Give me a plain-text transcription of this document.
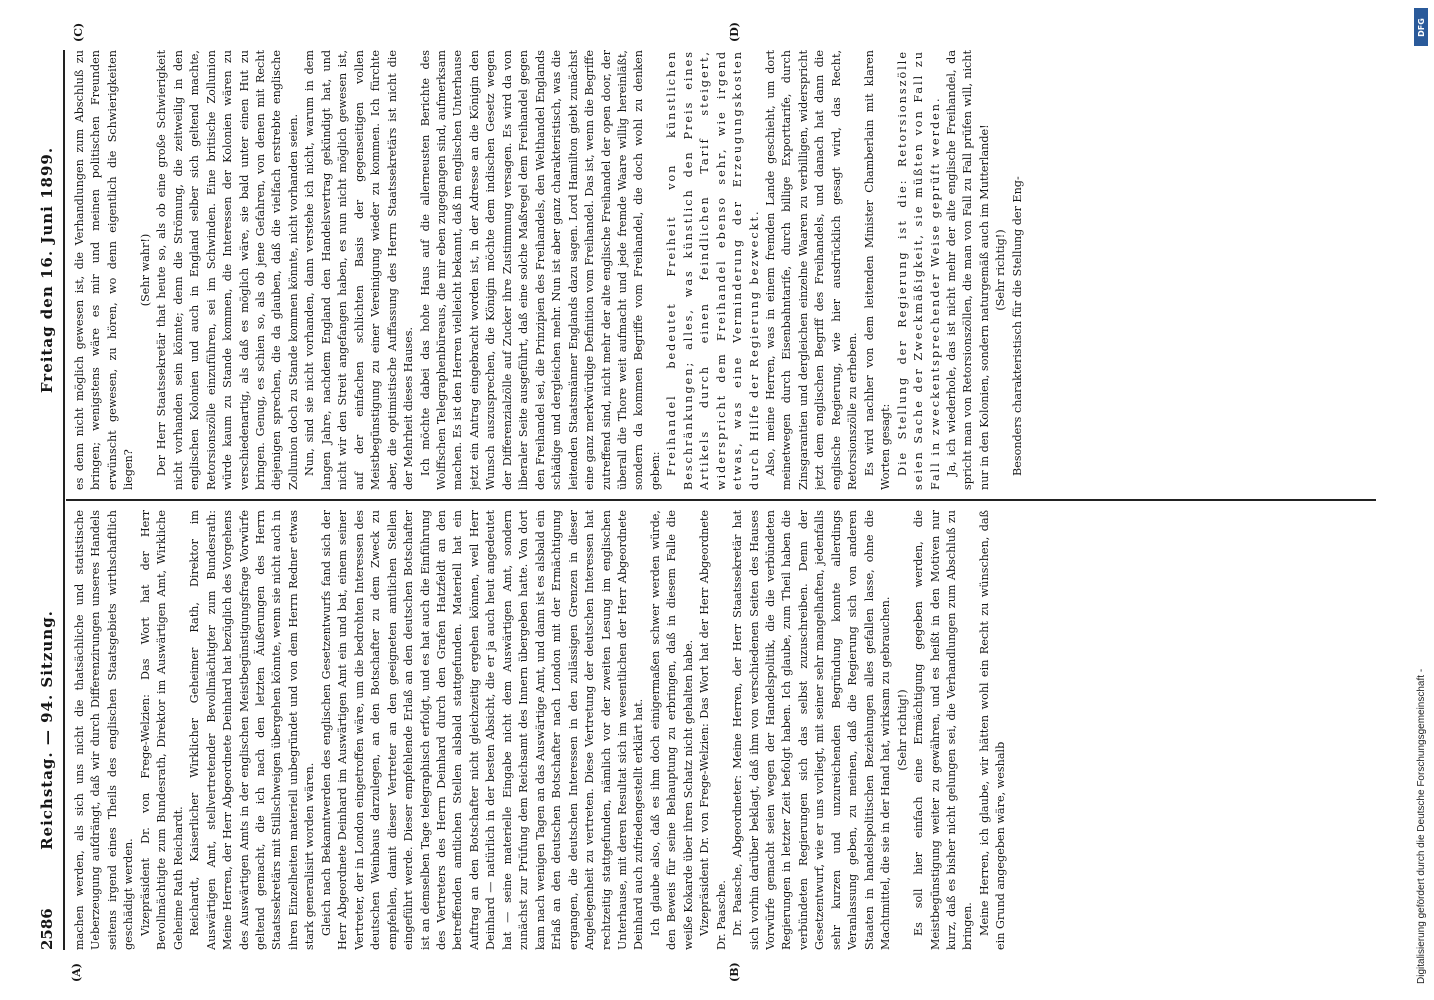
2586
Reichstag. — 94. Sitzung.
Freitag den 16. Juni 1899.
(A)	(B)
(C)	(D)

machen werden, als sich uns nicht die thatsächliche und statistische Ueberzeugung aufdrängt, daß wir durch Differenzirungen unseres Handels seitens irgend eines Theils des englischen Staatsgebiets wirthschaftlich geschädigt werden. Vizepräsident Dr. von Frege-Welzien: Das Wort hat der Herr Bevollmächtigte zum Bundesrath, Direktor im Auswärtigen Amt, Wirkliche Geheime Rath Reichardt. Reichardt, Kaiserlicher Wirklicher Geheimer Rath, Direktor im Auswärtigen Amt, stellvertretender Bevollmächtigter zum Bundesrath: Meine Herren, der Herr Abgeordnete Deinhard hat bezüglich des Vorgehens des Auswärtigen Amts in der englischen Meistbegünstigungsfrage Vorwürfe geltend gemacht, die ich nach den letzten Äußerungen des Herrn Staatssekretärs mit Stillschweigen übergehen könnte, wenn sie nicht auch in ihren Einzelheiten materiell unbegründet und von dem Herrn Redner etwas stark generalisirt worden wären. Gleich nach Bekanntwerden des englischen Gesetzentwurfs fand sich der Herr Abgeordnete Deinhard im Auswärtigen Amt ein und bat, einem seiner Vertreter, der in London eingetroffen wäre, um die bedrohten Interessen des deutschen Weinbaus darzulegen, an den Botschafter zu dem Zweck zu empfehlen, damit dieser Vertreter an den geeigneten amtlichen Stellen eingeführt werde. Dieser empfehlende Erlaß an den deutschen Botschafter ist an demselben Tage telegraphisch erfolgt, und es hat auch die Einführung des Vertreters des Herrn Deinhard durch den Grafen Hatzfeldt an den betreffenden amtlichen Stellen alsbald stattgefunden. Materiell hat ein Auftrag an den Botschafter nicht gleichzeitig ergehen können, weil Herr Deinhard — natürlich in der besten Absicht, die er ja auch heut angedeutet hat — seine materielle Eingabe nicht dem Auswärtigen Amt, sondern zunächst zur Prüfung dem Reichsamt des Innern übergeben hatte. Von dort kam nach wenigen Tagen an das Auswärtige Amt, und dann ist es alsbald ein Erlaß an den deutschen Botschafter nach London mit der Ermächtigung ergangen, die deutschen Interessen in den zulässigen Grenzen in dieser Angelegenheit zu vertreten. Diese Vertretung der deutschen Interessen hat rechtzeitig stattgefunden, nämlich vor der zweiten Lesung im englischen Unterhause, mit deren Resultat sich im wesentlichen der Herr Abgeordnete Deinhard auch zufriedengestellt erklärt hat. Ich glaube also, daß es ihm doch einigermaßen schwer werden würde, den Beweis für seine Behauptung zu erbringen, daß in diesem Falle die weiße Kokarde über ihren Schatz nicht gehalten habe. Vizepräsident Dr. von Frege-Welzien: Das Wort hat der Herr Abgeordnete Dr. Paasche. Dr. Paasche, Abgeordneter: Meine Herren, der Herr Staatssekretär hat sich vorhin darüber beklagt, daß ihm von verschiedenen Seiten des Hauses Vorwürfe gemacht seien wegen der Handelspolitik, die die verbündeten Regierungen in letzter Zeit befolgt haben. Ich glaube, zum Theil haben die verbündeten Regierungen sich das selbst zuzuschreiben. Denn der Gesetzentwurf, wie er uns vorliegt, mit seiner sehr mangelhaften, jedenfalls sehr kurzen und unzureichenden Begründung konnte allerdings Veranlassung geben, zu meinen, daß die Regierung sich von anderen Staaten in handelspolitischen Beziehungen alles gefallen lasse, ohne die Machtmittel, die sie in der Hand hat, wirksam zu gebrauchen. (Sehr richtig!) Es soll hier einfach eine Ermächtigung gegeben werden, die Meistbegünstigung weiter zu gewähren, und es heißt in den Motiven nur kurz, daß es bisher nicht gelungen sei, die Verhandlungen zum Abschluß zu bringen. Meine Herren, ich glaube, wir hätten wohl ein Recht zu wünschen, daß ein Grund angegeben wäre, weshalb

es denn nicht möglich gewesen ist, die Verhandlungen zum Abschluß zu bringen; wenigstens wäre es mir und meinen politischen Freunden erwünscht gewesen, zu hören, wo denn eigentlich die Schwierigkeiten liegen?

(Sehr wahr!) Der Herr Staatssekretär that heute so, als ob eine große Schwierigkeit nicht vorhanden sein könnte; denn die Strömung, die zeitweilig in den englischen Kolonien und auch in England selber sich geltend machte, Retorsionszölle einzuführen, sei im Schwinden. Eine britische Zollunion würde kaum zu Stande kommen, die Interessen der Kolonien wären zu verschiedenartig, als daß es möglich wäre, sie bald unter einen Hut zu bringen. Genug, es schien so, als ob jene Gefahren, von denen mit Recht diejenigen sprechen, die da glauben, daß die vielfach erstrebte englische Zollunion doch zu Stande kommen könnte, nicht vorhanden seien. Nun, sind sie nicht vorhanden, dann verstehe ich nicht, warum in dem langen Jahre, nachdem England den Handelsvertrag gekündigt hat, und nicht wir den Streit angefangen haben, es nun nicht möglich gewesen ist, auf der einfachen schlichten Basis der gegenseitigen vollen Meistbegünstigung zu einer Vereinigung wieder zu kommen. Ich fürchte aber, die optimistische Auffassung des Herrn Staatssekretärs ist nicht die der Mehrheit dieses Hauses. Ich möchte dabei das hohe Haus auf die allerneusten Berichte des Wolffschen Telegraphenbüreaus, die mir eben zugegangen sind, aufmerksam machen. Es ist den Herren vielleicht bekannt, daß im englischen Unterhause jetzt ein Antrag eingebracht worden ist, in der Adresse an die Königin den Wunsch auszusprechen, die Königin möchte dem indischen Gesetz wegen der Differenzialzölle auf Zucker ihre Zustimmung versagen. Es wird da von liberaler Seite ausgeführt, daß eine solche Maßregel dem Freihandel gegen den Freihandel sei, die Prinzipien des Freihandels, den Welthandel Englands schädige und dergleichen mehr. Nun ist aber ganz charakteristisch, was die leitenden Staatsmänner Englands dazu sagen. Lord Hamilton giebt zunächst eine ganz merkwürdige Definition vom Freihandel. Das ist, wenn die Begriffe zutreffend sind, nicht mehr der alte englische Freihandel der open door, der überall die Thore weit aufmacht und jede fremde Waare willig hereinläßt, sondern da kommen Begriffe vom Freihandel, die doch wohl zu denken geben: Freihandel bedeutet Freiheit von künstlichen Beschränkungen; alles, was künstlich den Preis eines Artikels durch einen feindlichen Tarif steigert, widerspricht dem Freihandel ebenso sehr, wie irgend etwas, was eine Verminderung der Erzeugungskosten durch Hilfe der Regierung bezweckt. Also, meine Herren, was in einem fremden Lande geschieht, um dort meinetwegen durch Eisenbahntarife, durch billige Exporttarife, durch Zinsgarantien und dergleichen einzelne Waaren zu verbilligen, widerspricht jetzt dem englischen Begriff des Freihandels, und danach hat dann die englische Regierung, wie hier ausdrücklich gesagt wird, das Recht, Retorsionszölle zu erheben. Es wird nachher von dem leitenden Minister Chamberlain mit klaren Worten gesagt: Die Stellung der Regierung ist die: Retorsionszölle seien Sache der Zweckmäßigkeit, sie müßten von Fall zu Fall in zweckentsprechender Weise geprüft werden. Ja, ich wiederhole, das ist nicht mehr der alte englische Freihandel, da spricht man von Retorsionszöllen, die man von Fall zu Fall prüfen will, nicht nur in den Kolonien, sondern naturgemäß auch im Mutterlande! (Sehr richtig!) Besonders charakteristisch für die Stellung der Eng-

DFG
Digitalisierung gefördert durch die Deutsche Forschungsgemeinschaft -
